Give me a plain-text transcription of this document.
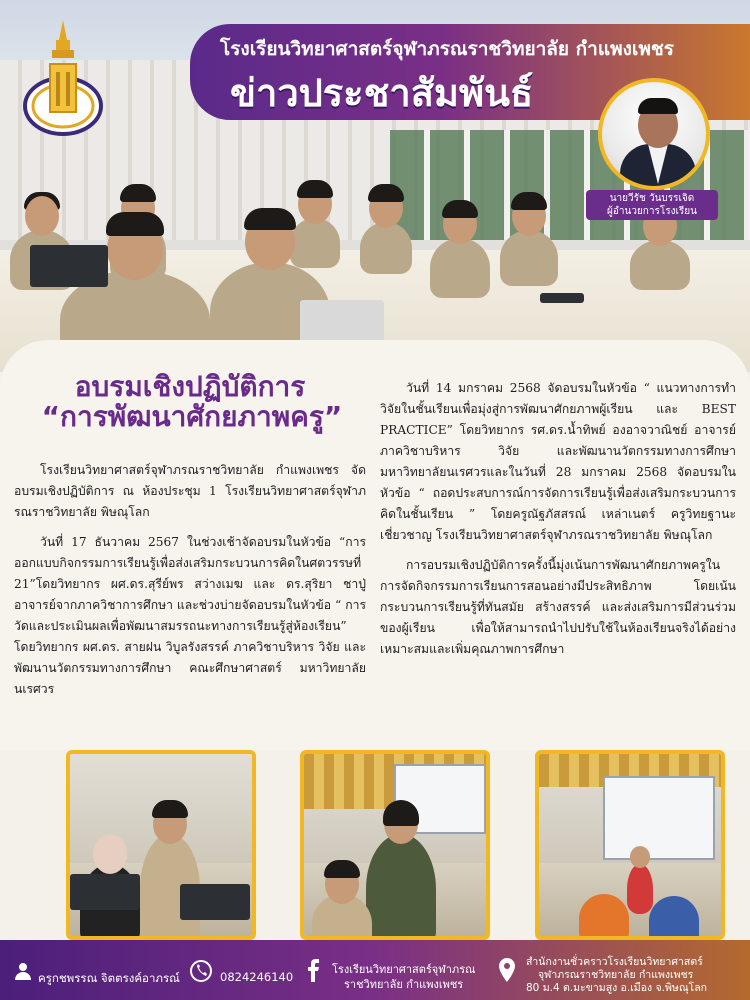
โรงเรียนวิทยาศาสตร์จุฬาภรณราชวิทยาลัย กำแพงเพชร
ข่าวประชาสัมพันธ์
นายวีรัช วันบรรเจิด
ผู้อำนวยการโรงเรียน
อบรมเชิงปฏิบัติการ
“การพัฒนาศักยภาพครู”

โรงเรียนวิทยาศาสตร์จุฬาภรณราชวิทยาลัย กำแพงเพชร จัดอบรมเชิงปฏิบัติการ ณ ห้องประชุม 1 โรงเรียนวิทยาศาสตร์จุฬาภรณราชวิทยาลัย พิษณุโลก

วันที่ 17 ธันวาคม 2567 ในช่วงเช้าจัดอบรมในหัวข้อ “การออกแบบกิจกรรมการเรียนรู้เพื่อส่งเสริมกระบวนการคิดในศตวรรษที่ 21”โดยวิทยากร ผศ.ดร.สุรีย์พร สว่างเมฆ และ ดร.สุริยา ชาปู่ อาจารย์จากภาควิชาการศึกษา และช่วงบ่ายจัดอบรมในหัวข้อ “ การวัดและประเมินผลเพื่อพัฒนาสมรรถนะทางการเรียนรู้สู่ห้องเรียน” โดยวิทยากร ผศ.ดร. สายฝน วิบูลรังสรรค์ ภาควิชาบริหาร วิจัย และพัฒนานวัตกรรมทางการศึกษา คณะศึกษาศาสตร์ มหาวิทยาลัยนเรศวร

วันที่ 14 มกราคม 2568 จัดอบรมในหัวข้อ “ แนวทางการทำวิจัยในชั้นเรียนเพื่อมุ่งสู่การพัฒนาศักยภาพผู้เรียน และ BEST PRACTICE” โดยวิทยากร รศ.ดร.น้ำทิพย์ องอาจวาณิชย์ อาจารย์ภาควิชาบริหาร วิจัย และพัฒนานวัตกรรมทางการศึกษา มหาวิทยาลัยนเรศวรและในวันที่ 28 มกราคม 2568 จัดอบรมในหัวข้อ “ ถอดประสบการณ์การจัดการเรียนรู้เพื่อส่งเสริมกระบวนการคิดในชั้นเรียน ” โดยครูณัฐภัสสรณ์ เหล่าเนตร์ ครูวิทยฐานะเชี่ยวชาญ โรงเรียนวิทยาศาสตร์จุฬาภรณราชวิทยาลัย พิษณุโลก

การอบรมเชิงปฏิบัติการครั้งนี้มุ่งเน้นการพัฒนาศักยภาพครูในการจัดกิจกรรมการเรียนการสอนอย่างมีประสิทธิภาพ โดยเน้นกระบวนการเรียนรู้ที่ทันสมัย สร้างสรรค์ และส่งเสริมการมีส่วนร่วมของผู้เรียน เพื่อให้สามารถนำไปปรับใช้ในห้องเรียนจริงได้อย่างเหมาะสมและเพิ่มคุณภาพการศึกษา

ครูกชพรรณ จิตตรงค์อาภรณ์	0824246140
โรงเรียนวิทยาศาสตร์จุฬาภรณ
ราชวิทยาลัย กำแพงเพชร
สำนักงานชั่วคราวโรงเรียนวิทยาศาสตร์
จุฬาภรณราชวิทยาลัย กำแพงเพชร
80 ม.4 ต.มะขามสูง อ.เมือง จ.พิษณุโลก
